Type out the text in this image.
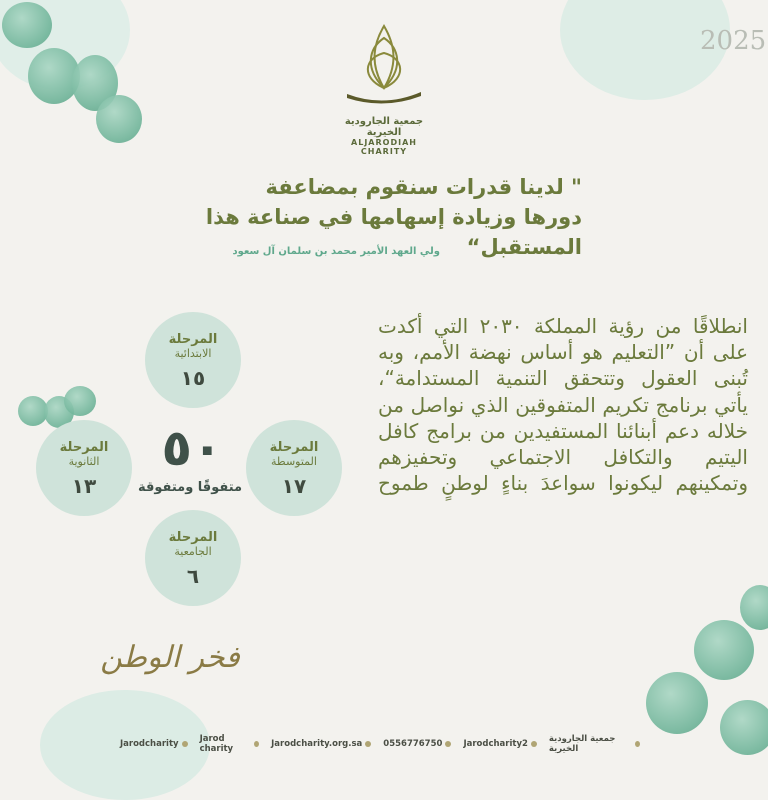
جمعية الجارودية الخيرية
ALJARODIAH CHARITY
2025
" لدينا قدرات سنقوم بمضاعفة دورها وزيادة إسهامها في صناعة هذا المستقبل“
ولي العهد الأمير محمد بن سلمان آل سعود
انطلاقًا من رؤية المملكة ٢٠٣٠ التي أكدت على أن ”التعليم هو أساس نهضة الأمم، وبه تُبنى العقول وتتحقق التنمية المستدامة“، يأتي برنامج تكريم المتفوقين الذي نواصل من خلاله دعم أبنائنا المستفيدين من برامج كافل اليتيم والتكافل الاجتماعي وتحفيزهم وتمكينهم ليكونوا سواعدَ بناءٍ لوطنٍ طموح
المرحلة
الابتدائية
١٥
المرحلة
المتوسطة
١٧
المرحلة
الثانوية
١٣
المرحلة
الجامعية
٦
٥٠
متفوقًا ومتفوقة
فخر الوطن
جمعية الجارودية الخيرية
Jarodcharity2
0556776750
Jarodcharity.org.sa
Jarod charity
Jarodcharity
